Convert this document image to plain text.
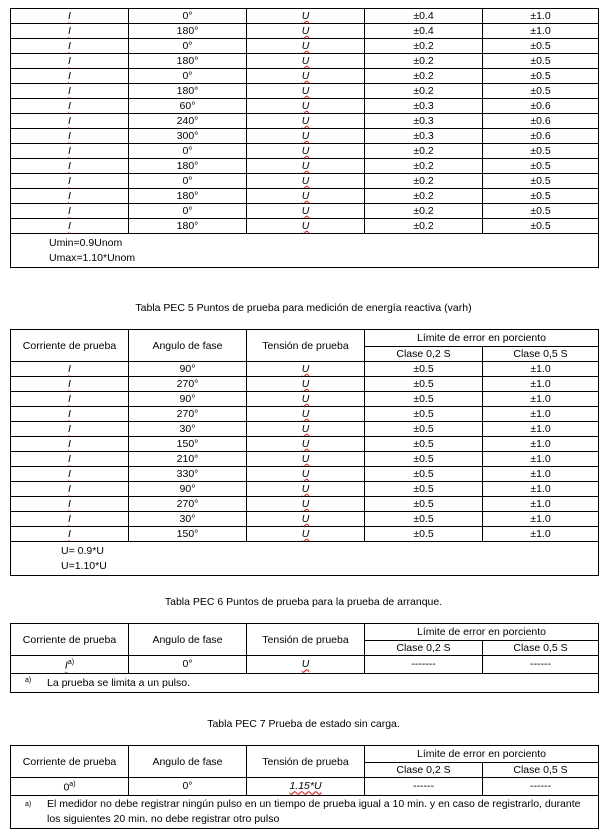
I	0°	U	±0.4	±1.0
I	180°	U	±0.4	±1.0
I	0°	U	±0.2	±0.5
I	180°	U	±0.2	±0.5
I	0°	U	±0.2	±0.5
I	180°	U	±0.2	±0.5
I	60°	U	±0.3	±0.6
I	240°	U	±0.3	±0.6
I	300°	U	±0.3	±0.6
I	0°	U	±0.2	±0.5
I	180°	U	±0.2	±0.5
I	0°	U	±0.2	±0.5
I	180°	U	±0.2	±0.5
I	0°	U	±0.2	±0.5
I	180°	U	±0.2	±0.5

Umin=0.9Unom
Umax=1.10*Unom				
Tabla PEC 5 Puntos de prueba para medición de energía reactiva (varh)
Corriente de prueba	Angulo de fase	Tensión de prueba	Límite de error en porciento	
			Clase 0,2 S	Clase 0,5 S
I	90°	U	±0.5	±1.0
I	270°	U	±0.5	±1.0
I	90°	U	±0.5	±1.0
I	270°	U	±0.5	±1.0
I	30°	U	±0.5	±1.0
I	150°	U	±0.5	±1.0
I	210°	U	±0.5	±1.0
I	330°	U	±0.5	±1.0
I	90°	U	±0.5	±1.0
I	270°	U	±0.5	±1.0
I	30°	U	±0.5	±1.0
I	150°	U	±0.5	±1.0

U= 0.9*U
U=1.10*U				
Tabla PEC 6 Puntos de prueba para la prueba de arranque.
Corriente de prueba	Angulo de fase	Tensión de prueba	Límite de error en porciento	
			Clase 0,2 S	Clase 0,5 S
$I^{a)}$	0°	U	-------	------

a) La prueba se limita a un pulso.				
Tabla PEC 7 Prueba de estado sin carga.
Corriente de prueba	Angulo de fase	Tensión de prueba	Límite de error en porciento	
			Clase 0,2 S	Clase 0,5 S
0$^{a)}$	0°	1.15*U	------	------

a) El medidor no debe registrar ningún pulso en un tiempo de prueba igual a 10 min. y en caso de registrarlo, durante los siguientes 20 min. no debe registrar otro pulso				
